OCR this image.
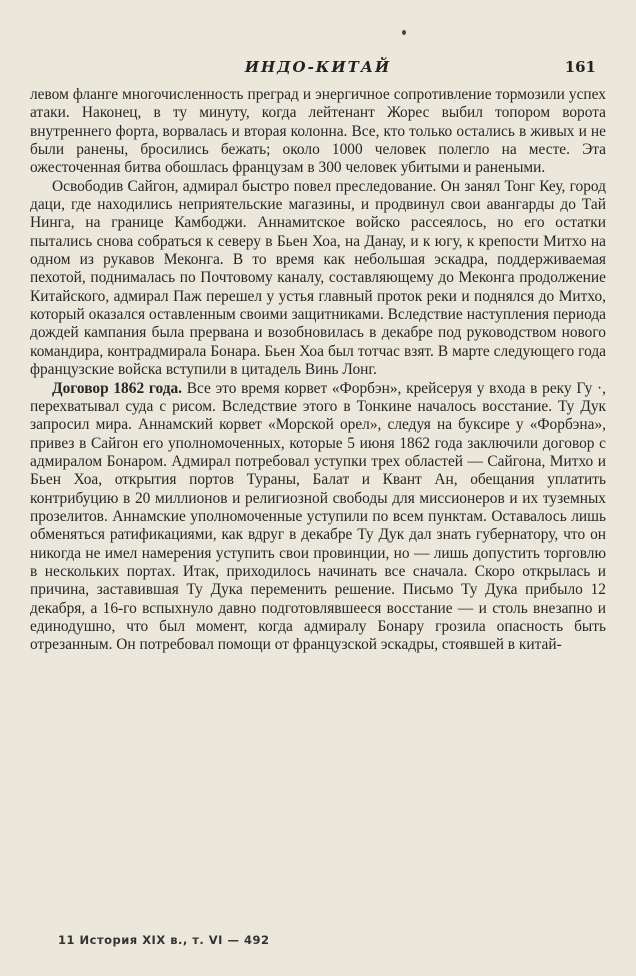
ИНДО-КИТАЙ	161

левом фланге многочисленность преград и энергичное сопротивление тормозили успех атаки. Наконец, в ту минуту, когда лейтенант Жорес выбил топором ворота внутреннего форта, ворвалась и вторая колонна. Все, кто только остались в живых и не были ранены, бросились бежать; около 1000 человек полегло на месте. Эта ожесточенная битва обошлась французам в 300 человек убитыми и ранеными.

Освободив Сайгон, адмирал быстро повел преследование. Он занял Тонг Кеу, город даци, где находились неприятельские магазины, и продвинул свои авангарды до Тай Нинга, на границе Камбоджи. Аннамитское войско рассеялось, но его остатки пытались снова собраться к северу в Бьен Хоа, на Данау, и к югу, к крепости Митхо на одном из рукавов Меконга. В то время как небольшая эскадра, поддерживаемая пехотой, поднималась по Почтовому каналу, составляющему до Меконга продолжение Китайского, адмирал Паж перешел у устья главный проток реки и поднялся до Митхо, который оказался оставленным своими защитниками. Вследствие наступления периода дождей кампания была прервана и возобновилась в декабре под руководством нового командира, контрадмирала Бонара. Бьен Хоа был тотчас взят. В марте следующего года французские войска вступили в цитадель Винь Лонг.

Договор 1862 года. Все это время корвет «Форбэн», крейсеруя у входа в реку Гу ·, перехватывал суда с рисом. Вследствие этого в Тонкине началось восстание. Ту Дук запросил мира. Аннамский корвет «Морской орел», следуя на буксире у «Форбэна», привез в Сайгон его уполномоченных, которые 5 июня 1862 года заключили договор с адмиралом Бонаром. Адмирал потребовал уступки трех областей — Сайгона, Митхо и Бьен Хоа, открытия портов Тураны, Балат и Квант Ан, обещания уплатить контрибуцию в 20 миллионов и религиозной свободы для миссионеров и их туземных прозелитов. Аннамские уполномоченные уступили по всем пунктам. Оставалось лишь обменяться ратификациями, как вдруг в декабре Ту Дук дал знать губернатору, что он никогда не имел намерения уступить свои провинции, но — лишь допустить торговлю в нескольких портах. Итак, приходилось начинать все сначала. Скоро открылась и причина, заставившая Ту Дука переменить решение. Письмо Ту Дука прибыло 12 декабря, а 16-го вспыхнуло давно подготовлявшееся восстание — и столь внезапно и единодушно, что был момент, когда адмиралу Бонару грозила опасность быть отрезанным. Он потребовал помощи от французской эскадры, стоявшей в китай-

11 История XIX в., т. VI — 492
